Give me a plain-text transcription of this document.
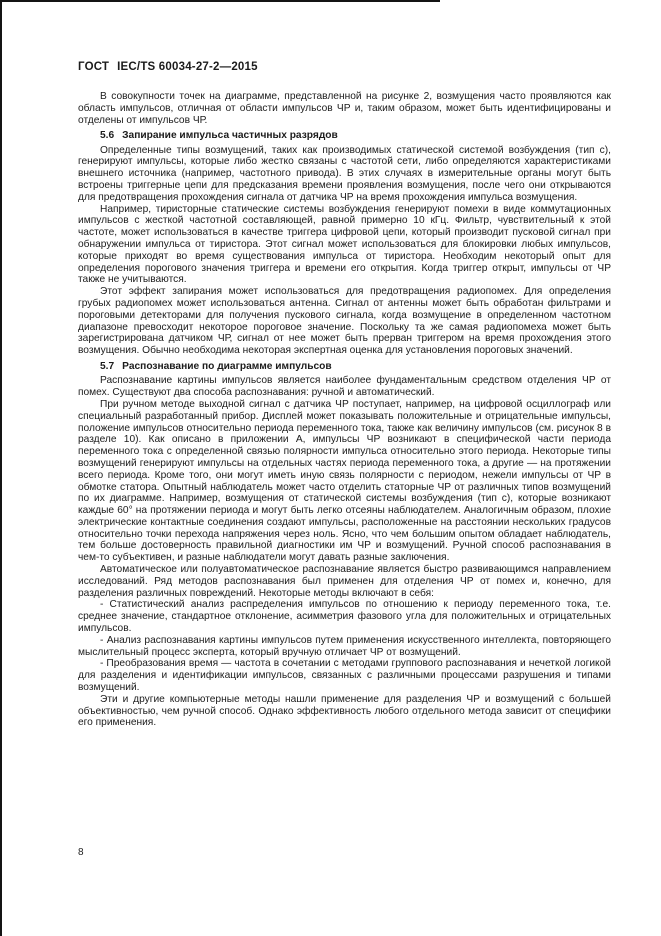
ГОСТ IEC/TS 60034-27-2—2015

В совокупности точек на диаграмме, представленной на рисунке 2, возмущения часто проявляются как область импульсов, отличная от области импульсов ЧР и, таким образом, может быть идентифицированы и отделены от импульсов ЧР.

5.6 Запирание импульса частичных разрядов

Определенные типы возмущений, таких как производимых статической системой возбуждения (тип с), генерируют импульсы, которые либо жестко связаны с частотой сети, либо определяются характеристиками внешнего источника (например, частотного привода). В этих случаях в измерительные органы могут быть встроены триггерные цепи для предсказания времени проявления возмущения, после чего они открываются для предотвращения прохождения сигнала от датчика ЧР на время прохождения импульса возмущения.

Например, тиристорные статические системы возбуждения генерируют помехи в виде коммутационных импульсов с жесткой частотной составляющей, равной примерно 10 кГц. Фильтр, чувствительный к этой частоте, может использоваться в качестве триггера цифровой цепи, который производит пусковой сигнал при обнаружении импульса от тиристора. Этот сигнал может использоваться для блокировки любых импульсов, которые приходят во время существования импульса от тиристора. Необходим некоторый опыт для определения порогового значения триггера и времени его открытия. Когда триггер открыт, импульсы от ЧР также не учитываются.

Этот эффект запирания может использоваться для предотвращения радиопомех. Для определения грубых радиопомех может использоваться антенна. Сигнал от антенны может быть обработан фильтрами и пороговыми детекторами для получения пускового сигнала, когда возмущение в определенном частотном диапазоне превосходит некоторое пороговое значение. Поскольку та же самая радиопомеха может быть зарегистрирована датчиком ЧР, сигнал от нее может быть прерван триггером на время прохождения этого возмущения. Обычно необходима некоторая экспертная оценка для установления пороговых значений.

5.7 Распознавание по диаграмме импульсов

Распознавание картины импульсов является наиболее фундаментальным средством отделения ЧР от помех. Существуют два способа распознавания: ручной и автоматический.

При ручном методе выходной сигнал с датчика ЧР поступает, например, на цифровой осциллограф или специальный разработанный прибор. Дисплей может показывать положительные и отрицательные импульсы, положение импульсов относительно периода переменного тока, также как величину импульсов (см. рисунок 8 в разделе 10). Как описано в приложении А, импульсы ЧР возникают в специфической части периода переменного тока с определенной связью полярности импульса относительно этого периода. Некоторые типы возмущений генерируют импульсы на отдельных частях периода переменного тока, а другие — на протяжении всего периода. Кроме того, они могут иметь иную связь полярности с периодом, нежели импульсы от ЧР в обмотке статора. Опытный наблюдатель может часто отделить статорные ЧР от различных типов возмущений по их диаграмме. Например, возмущения от статической системы возбуждения (тип с), которые возникают каждые 60° на протяжении периода и могут быть легко отсеяны наблюдателем. Аналогичным образом, плохие электрические контактные соединения создают импульсы, расположенные на расстоянии нескольких градусов относительно точки перехода напряжения через ноль. Ясно, что чем большим опытом обладает наблюдатель, тем больше достоверность правильной диагностики им ЧР и возмущений. Ручной способ распознавания в чем-то субъективен, и разные наблюдатели могут давать разные заключения.

Автоматическое или полуавтоматическое распознавание является быстро развивающимся направлением исследований. Ряд методов распознавания был применен для отделения ЧР от помех и, конечно, для разделения различных повреждений. Некоторые методы включают в себя:

- Статистический анализ распределения импульсов по отношению к периоду переменного тока, т.е. среднее значение, стандартное отклонение, асимметрия фазового угла для положительных и отрицательных импульсов.

- Анализ распознавания картины импульсов путем применения искусственного интеллекта, повторяющего мыслительный процесс эксперта, который вручную отличает ЧР от возмущений.

- Преобразования время — частота в сочетании с методами группового распознавания и нечеткой логикой для разделения и идентификации импульсов, связанных с различными процессами разрушения и типами возмущений.

Эти и другие компьютерные методы нашли применение для разделения ЧР и возмущений с большей объективностью, чем ручной способ. Однако эффективность любого отдельного метода зависит от специфики его применения.

8
